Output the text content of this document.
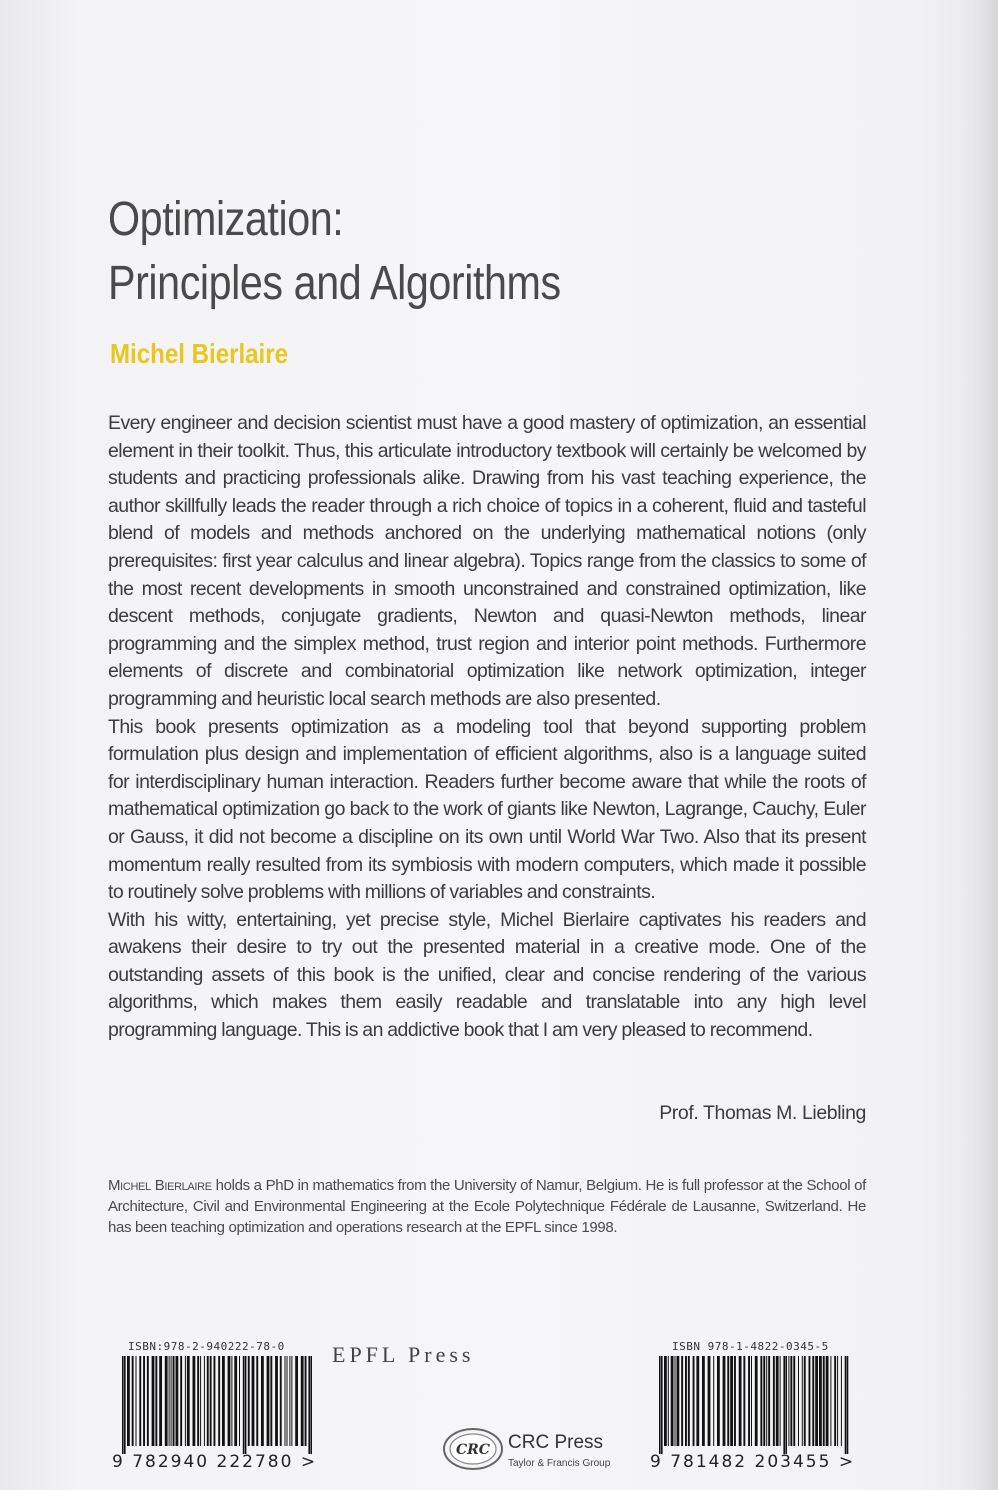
Optimization:
Principles and Algorithms
Michel Bierlaire

Every engineer and decision scientist must have a good mastery of optimization, an essential element in their toolkit. Thus, this articulate introductory textbook will certainly be welcomed by students and practicing professionals alike. Drawing from his vast teaching experience, the author skillfully leads the reader through a rich choice of topics in a coherent, fluid and tasteful blend of models and methods anchored on the underlying mathematical notions (only prerequisites: first year calculus and linear algebra). Topics range from the classics to some of the most recent developments in smooth unconstrained and constrained optimization, like descent methods, conjugate gradients, Newton and quasi-Newton methods, linear programming and the simplex method, trust region and interior point methods. Furthermore elements of discrete and combinatorial optimization like network optimization, integer programming and heuristic local search methods are also presented.

This book presents optimization as a modeling tool that beyond supporting problem formulation plus design and implementation of efficient algorithms, also is a language suited for interdisciplinary human interaction. Readers further become aware that while the roots of mathematical optimization go back to the work of giants like Newton, Lagrange, Cauchy, Euler or Gauss, it did not become a discipline on its own until World War Two. Also that its present momentum really resulted from its symbiosis with modern computers, which made it possible to routinely solve problems with millions of variables and constraints.

With his witty, entertaining, yet precise style, Michel Bierlaire captivates his readers and awakens their desire to try out the presented material in a creative mode. One of the outstanding assets of this book is the unified, clear and concise rendering of the various algorithms, which makes them easily readable and translatable into any high level programming language. This is an addictive book that I am very pleased to recommend.

Prof. Thomas M. Liebling
Michel Bierlaire holds a PhD in mathematics from the University of Namur, Belgium. He is full professor at the School of Architecture, Civil and Environmental Engineering at the Ecole Polytechnique Fédérale de Lausanne, Switzerland. He has been teaching optimization and operations research at the EPFL since 1998.
ISBN:978-2-940222-78-0
9 782940 222780 >
EPFL Press
CRC CRC Press
Taylor & Francis Group
ISBN 978-1-4822-0345-5
9 781482 203455 >
